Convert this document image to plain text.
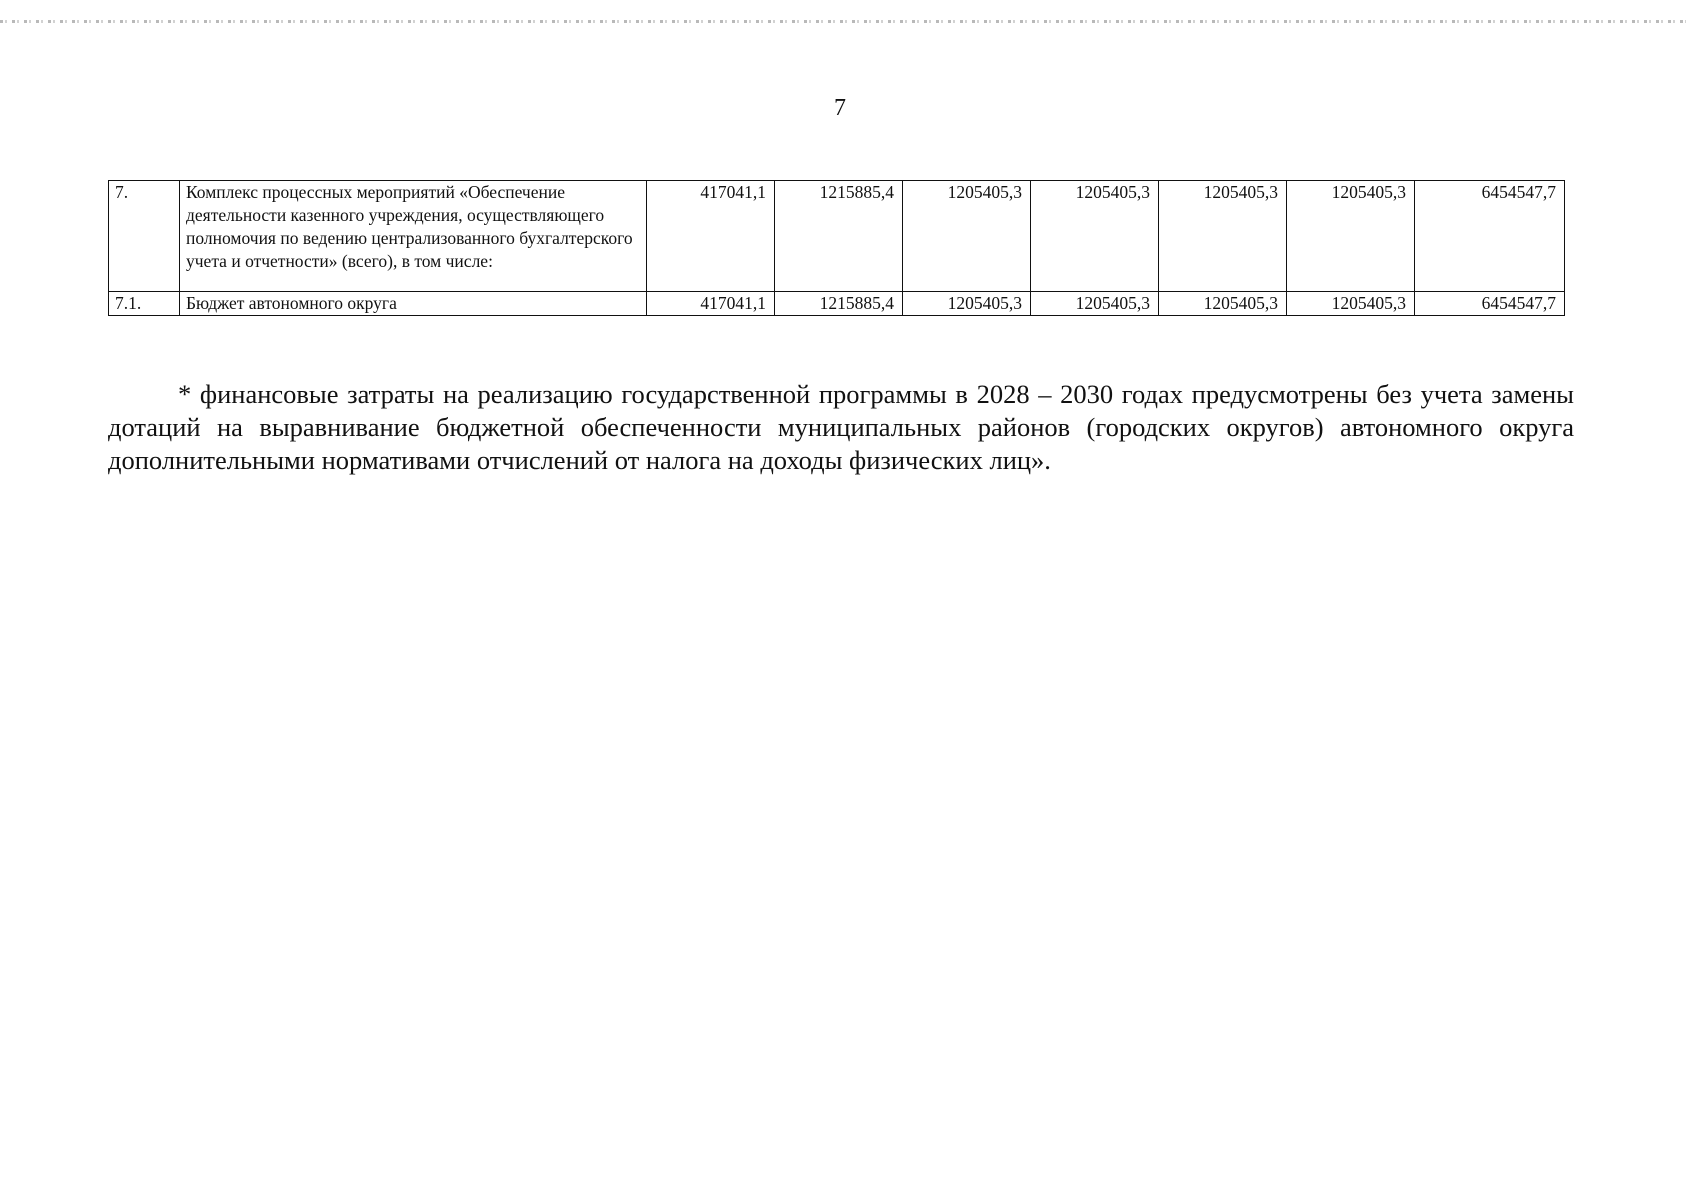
7
7.	Комплекс процессных мероприятий «Обеспечение деятельности казенного учреждения, осуществляющего полномочия по ведению централизованного бухгалтерского учета и отчетности» (всего), в том числе:	417041,1	1215885,4	1205405,3	1205405,3	1205405,3	1205405,3	6454547,7
7.1.	Бюджет автономного округа	417041,1	1215885,4	1205405,3	1205405,3	1205405,3	1205405,3	6454547,7

* финансовые затраты на реализацию государственной программы в 2028 – 2030 годах предусмотрены без учета замены дотаций на выравнивание бюджетной обеспеченности муниципальных районов (городских округов) автономного округа дополнительными нормативами отчислений от налога на доходы физических лиц».
